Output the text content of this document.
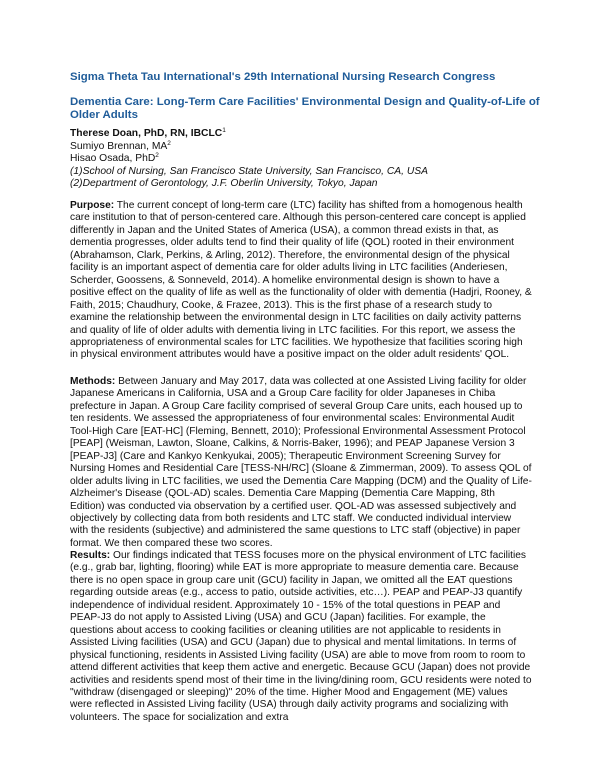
Sigma Theta Tau International's 29th International Nursing Research Congress
Dementia Care: Long-Term Care Facilities' Environmental Design and Quality-of-Life of Older Adults
Therese Doan, PhD, RN, IBCLC$^1$
Sumiyo Brennan, $MA^2$
Hisao Osada, PhD$^2$
(1)School of Nursing, San Francisco State University, San Francisco, CA, USA
(2)Department of Gerontology, J.F. Oberlin University, Tokyo, Japan
Purpose: The current concept of long-term care (LTC) facility has shifted from a homogenous health care institution to that of person-centered care. Although this person-centered care concept is applied differently in Japan and the United States of America (USA), a common thread exists in that, as dementia progresses, older adults tend to find their quality of life (QOL) rooted in their environment (Abrahamson, Clark, Perkins, & Arling, 2012). Therefore, the environmental design of the physical facility is an important aspect of dementia care for older adults living in LTC facilities (Anderiesen, Scherder, Goossens, & Sonneveld, 2014). A homelike environmental design is shown to have a positive effect on the quality of life as well as the functionality of older with dementia (Hadjri, Rooney, & Faith, 2015; Chaudhury, Cooke, & Frazee, 2013). This is the first phase of a research study to examine the relationship between the environmental design in LTC facilities on daily activity patterns and quality of life of older adults with dementia living in LTC facilities. For this report, we assess the appropriateness of environmental scales for LTC facilities. We hypothesize that facilities scoring high in physical environment attributes would have a positive impact on the older adult residents' QOL.
Methods: Between January and May 2017, data was collected at one Assisted Living facility for older Japanese Americans in California, USA and a Group Care facility for older Japaneses in Chiba prefecture in Japan. A Group Care facility comprised of several Group Care units, each housed up to ten residents. We assessed the appropriateness of four environmental scales: Environmental Audit Tool-High Care [EAT-HC] (Fleming, Bennett, 2010); Professional Environmental Assessment Protocol [PEAP] (Weisman, Lawton, Sloane, Calkins, & Norris-Baker, 1996); and PEAP Japanese Version 3 [PEAP-J3] (Care and Kankyo Kenkyukai, 2005); Therapeutic Environment Screening Survey for Nursing Homes and Residential Care [TESS-NH/RC] (Sloane & Zimmerman, 2009). To assess QOL of older adults living in LTC facilities, we used the Dementia Care Mapping (DCM) and the Quality of Life-Alzheimer's Disease (QOL-AD) scales. Dementia Care Mapping (Dementia Care Mapping, 8th Edition) was conducted via observation by a certified user. QOL-AD was assessed subjectively and objectively by collecting data from both residents and LTC staff. We conducted individual interview with the residents (subjective) and administered the same questions to LTC staff (objective) in paper format. We then compared these two scores.
Results: Our findings indicated that TESS focuses more on the physical environment of LTC facilities (e.g., grab bar, lighting, flooring) while EAT is more appropriate to measure dementia care. Because there is no open space in group care unit (GCU) facility in Japan, we omitted all the EAT questions regarding outside areas (e.g., access to patio, outside activities, etc…). PEAP and PEAP-J3 quantify independence of individual resident. Approximately 10 - 15% of the total questions in PEAP and PEAP-J3 do not apply to Assisted Living (USA) and GCU (Japan) facilities. For example, the questions about access to cooking facilities or cleaning utilities are not applicable to residents in Assisted Living facilities (USA) and GCU (Japan) due to physical and mental limitations. In terms of physical functioning, residents in Assisted Living facility (USA) are able to move from room to room to attend different activities that keep them active and energetic. Because GCU (Japan) does not provide activities and residents spend most of their time in the living/dining room, GCU residents were noted to "withdraw (disengaged or sleeping)" 20% of the time. Higher Mood and Engagement (ME) values were reflected in Assisted Living facility (USA) through daily activity programs and socializing with volunteers. The space for socialization and extra
